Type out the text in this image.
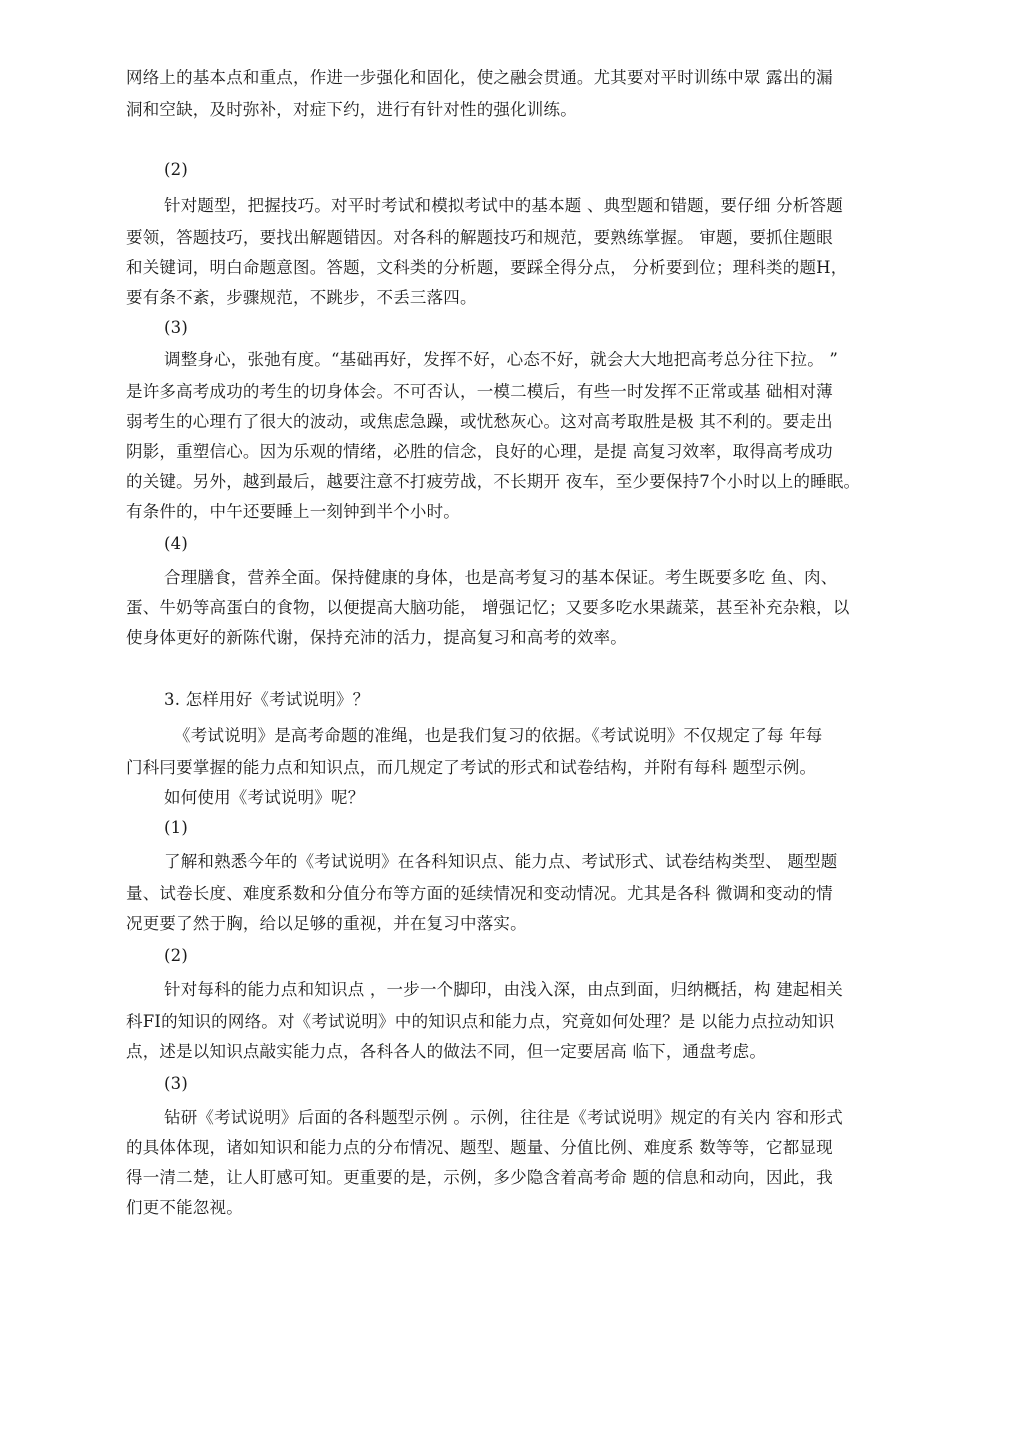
网络上的基本点和重点，作进一步强化和固化，使之融会贯通。尤其要对平时训练中眾 露出的漏
洞和空缺，及时弥补，对症下约，进行有针对性的强化训练。
(2)
针对题型，把握技巧。对平时考试和模拟考试中的基本题 、典型题和错题，要仔细 分析答题
要领，答题技巧，要找出解题错因。对各科的解题技巧和规范，要熟练掌握。 审题，要抓住题眼
和关键词，明白命题意图。答题，文科类的分析题，要踩全得分点， 分析要到位；理科类的题H，
要有条不紊，步骤规范，不跳步，不丢三落四。
(3)
调整身心，张弛有度。“基础再好，发挥不好，心态不好，就会大大地把高考总分往下拉。 ”
是许多高考成功的考生的切身体会。不可否认，一模二模后，有些一时发挥不正常或基 础相对薄
弱考生的心理冇了很大的波动，或焦虑急躁，或忧愁灰心。这对高考取胜是极 其不利的。要走出
阴影，重塑信心。因为乐观的情绪，必胜的信念，良好的心理，是提 高复习效率，取得高考成功
的关键。另外，越到最后，越要注意不打疲劳战，不长期开 夜车，至少要保持7个小时以上的睡眠。
有条件的，中午还要睡上一刻钟到半个小时。
(4)
合理膳食，营养全面。保持健康的身体，也是高考复习的基本保证。考生既要多吃 鱼、肉、
蛋、牛奶等高蛋白的食物，以便提高大脑功能， 增强记忆；又要多吃水果蔬菜，甚至补充杂粮，以
使身体更好的新陈代谢，保持充沛的活力，提高复习和高考的效率。
3. 怎样用好《考试说明》？
《考试说明》是高考命题的准绳，也是我们复习的依据。《考试说明》不仅规定了每 年每
门科冃要掌握的能力点和知识点，而几规定了考试的形式和试卷结构，并附有每科 题型示例。
如何使用《考试说明》呢？
(1)
了解和熟悉今年的《考试说明》在各科知识点、能力点、考试形式、试卷结构类型、 题型题
量、试卷长度、难度系数和分值分布等方面的延续情况和变动情况。尤其是各科 微调和变动的情
况更要了然于胸，给以足够的重视，并在复习中落实。
(2)
针对每科的能力点和知识点 ，一步一个脚印，由浅入深，由点到面，归纳概括，构 建起相关
科FI的知识的网络。对《考试说明》中的知识点和能力点，究竟如何处理？是 以能力点拉动知识
点，述是以知识点敲实能力点，各科各人的做法不同，但一定要居高 临下，通盘考虑。
(3)
钻研《考试说明》后面的各科题型示例 。示例，往往是《考试说明》规定的有关内 容和形式
的具体体现，诸如知识和能力点的分布情况、题型、题量、分值比例、难度系 数等等，它都显现
得一清二楚，让人盯感可知。更重要的是，示例，多少隐含着高考命 题的信息和动向，因此，我
们更不能忽视。
